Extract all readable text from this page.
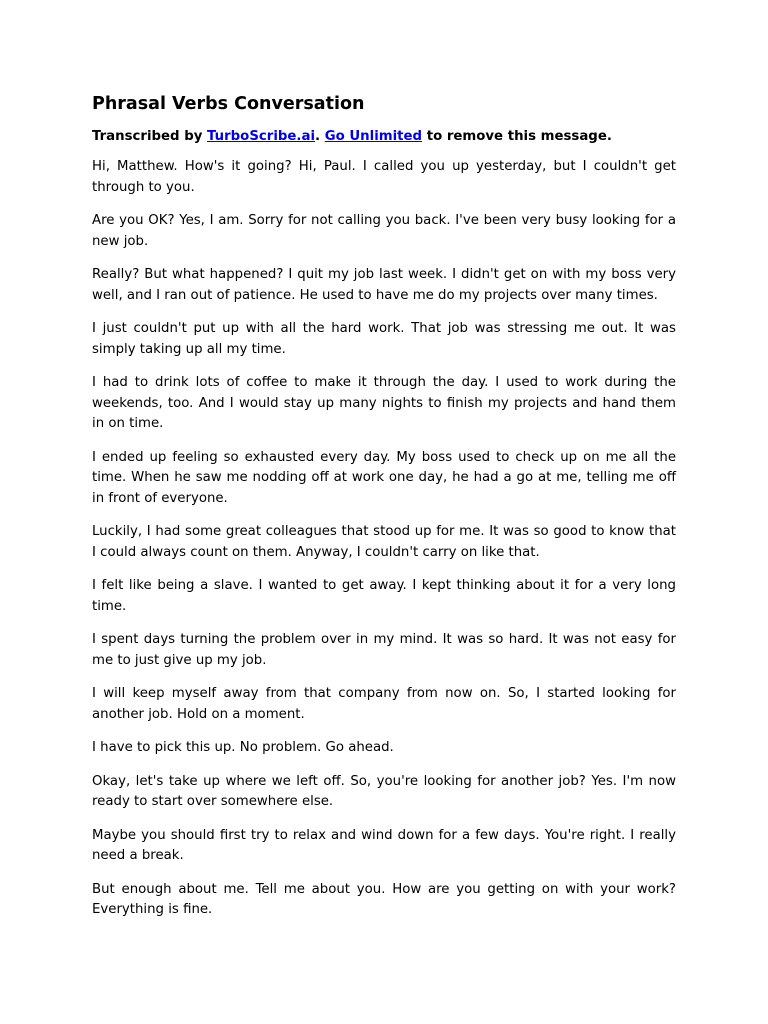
Phrasal Verbs Conversation
Transcribed by TurboScribe.ai. Go Unlimited to remove this message.

Hi, Matthew. How's it going? Hi, Paul. I called you up yesterday, but I couldn't get through to you.

Are you OK? Yes, I am. Sorry for not calling you back. I've been very busy looking for a new job.

Really? But what happened? I quit my job last week. I didn't get on with my boss very well, and I ran out of patience. He used to have me do my projects over many times.

I just couldn't put up with all the hard work. That job was stressing me out. It was simply taking up all my time.

I had to drink lots of coffee to make it through the day. I used to work during the weekends, too. And I would stay up many nights to finish my projects and hand them in on time.

I ended up feeling so exhausted every day. My boss used to check up on me all the time. When he saw me nodding off at work one day, he had a go at me, telling me off in front of everyone.

Luckily, I had some great colleagues that stood up for me. It was so good to know that I could always count on them. Anyway, I couldn't carry on like that.

I felt like being a slave. I wanted to get away. I kept thinking about it for a very long time.

I spent days turning the problem over in my mind. It was so hard. It was not easy for me to just give up my job.

I will keep myself away from that company from now on. So, I started looking for another job. Hold on a moment.

I have to pick this up. No problem. Go ahead.

Okay, let's take up where we left off. So, you're looking for another job? Yes. I'm now ready to start over somewhere else.

Maybe you should first try to relax and wind down for a few days. You're right. I really need a break.

But enough about me. Tell me about you. How are you getting on with your work? Everything is fine.
